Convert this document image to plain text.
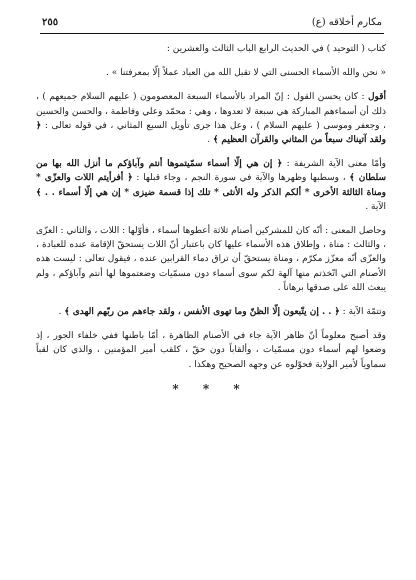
مكارم أخلاقه (ع)
٢٥٥

كتاب ( التوحيد ) في الحديث الرابع الباب الثالث والعشرين :

« نحن والله الأسماء الحسنى التي لا تقبل الله من العباد عملاً إلّا بمعرفتنا » .

أقول : كان يحسن القول : إنّ المراد بالأسماء السبعة المعصومون ( عليهم السلام جميعهم ) ، ذلك أن أسماءهم المباركة هي سبعة لا تعدوها ، وهي : محمّد وعلي وفاطمة ، والحسن والحسين ، وجعفر وموسى ( عليهم السلام ) ، وعل هذا جرى تأويل السبع المثاني ، في قوله تعالى : ﴿ ولقد آتيناك سبعاً من المثاني والقرآن العظيم ﴾ .

وأمّا معنى الآية الشريفة : ﴿ إن هي إلّا أسماء سمّيتموها أنتم وآباؤكم ما أنزل الله بها من سلطان ﴾ ، وسطبها وظهرها والآية في سورة النجم ، وجاء قبلها : ﴿ أفرأيتم اللات والعزّى * ومناة الثالثة الأخرى * ألكم الذكر وله الأنثى * تلك إذا قسمة ضيزى * إن هي إلّا أسماء . . ﴾ الآية .

وحاصل المعنى : أنّه كان للمشركين أصنام ثلاثة أعطوها أسماء ، فأوّلها : اللات ، والثاني : العزّى ، والثالث : مناة ، وإطلاق هذه الأسماء عليها كان باعتبار أنّ اللات يستحقّ الإقامة عنده للعبادة ، والعزّى أنّه معزّز مكرّم ، ومناة يستحقّ أن تراق دماء القرابين عنده ، فيقول تعالى : ليست هذه الأصنام التي اتّخذتم منها آلهة لكم سوى أسماء دون مسمّيات وضعتموها لها أنتم وآباؤكم ، ولم يبعث الله على صدقها برهاناً .

وتتمّة الآية : ﴿ . . إن يتّبعون إلّا الظنّ وما تهوى الأنفس ، ولقد جاءهم من ربّهم الهدى ﴾ .

وقد أصبح معلوماً أنّ ظاهر الآية جاء في الأصنام الظاهرة ، أمّا باطنها ففي خلفاء الجور ، إذ وضعوا لهم أسماء دون مسمّيات ، وألقاباً دون حقّ ، كلقب أمير المؤمنين ، والذي كان لقباً سماوياً لأمير الولاية فحوّلوه عن وجهه الصحيح وهكذا .

* * *
